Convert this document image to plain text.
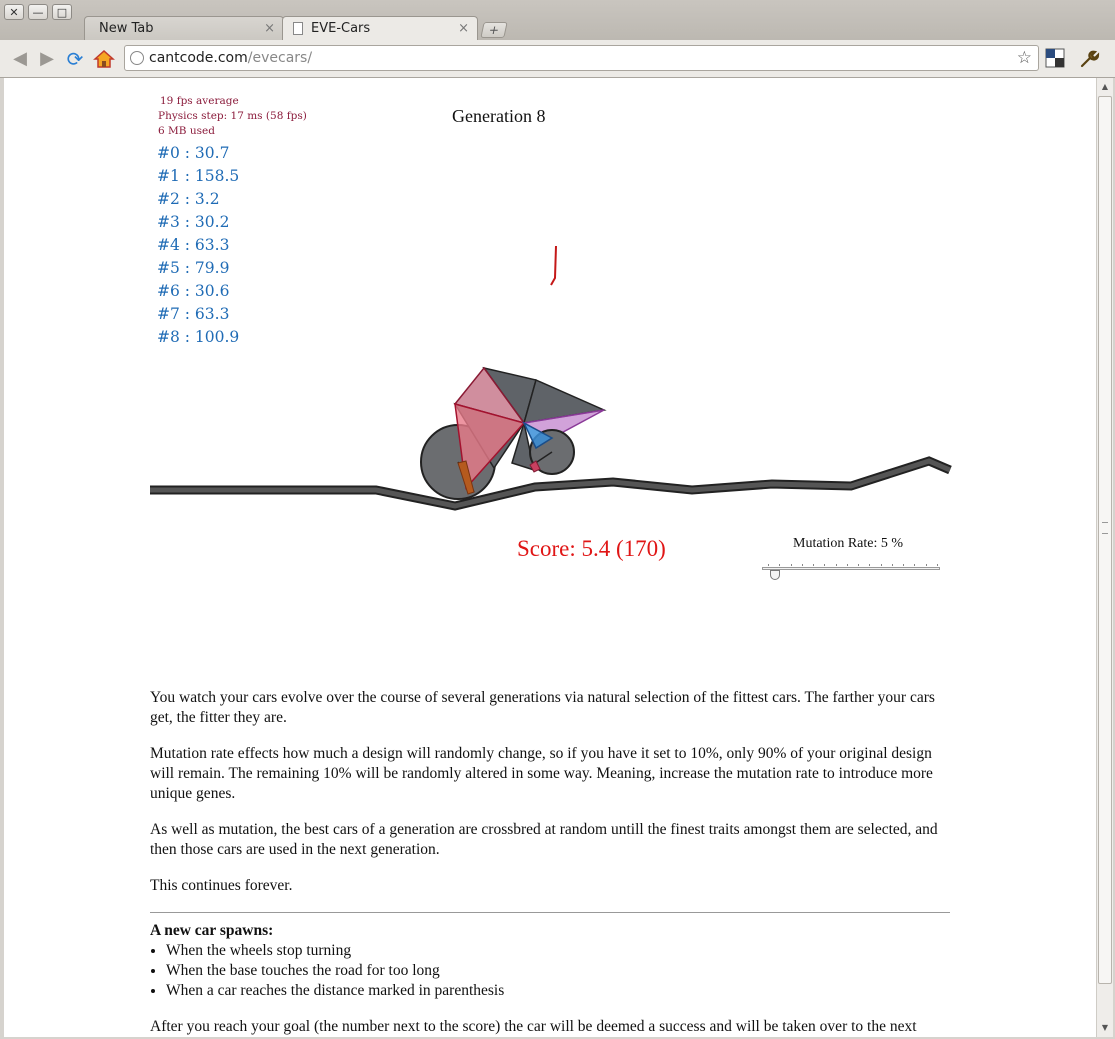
✕	—	□
New Tab	×	EVE-Cars	×	+
◀ ▶ ⟳	cantcode.com/evecars/	☆
19 fps average
Physics step: 17 ms (58 fps)
6 MB used
#0 : 30.7
#1 : 158.5
#2 : 3.2
#3 : 30.2
#4 : 63.3
#5 : 79.9
#6 : 30.6
#7 : 63.3
#8 : 100.9
Generation 8
Score: 5.4 (170)	Mutation Rate: 5 %

You watch your cars evolve over the course of several generations via natural selection of the fittest cars. The farther your cars get, the fitter they are.

Mutation rate effects how much a design will randomly change, so if you have it set to 10%, only 90% of your original design will remain. The remaining 10% will be randomly altered in some way. Meaning, increase the mutation rate to introduce more unique genes.

As well as mutation, the best cars of a generation are crossbred at random untill the finest traits amongst them are selected, and then those cars are used in the next generation.

This continues forever.

A new car spawns:
• When the wheels stop turning
• When the base touches the road for too long
• When a car reaches the distance marked in parenthesis

After you reach your goal (the number next to the score) the car will be deemed a success and will be taken over to the next

▲
▼
